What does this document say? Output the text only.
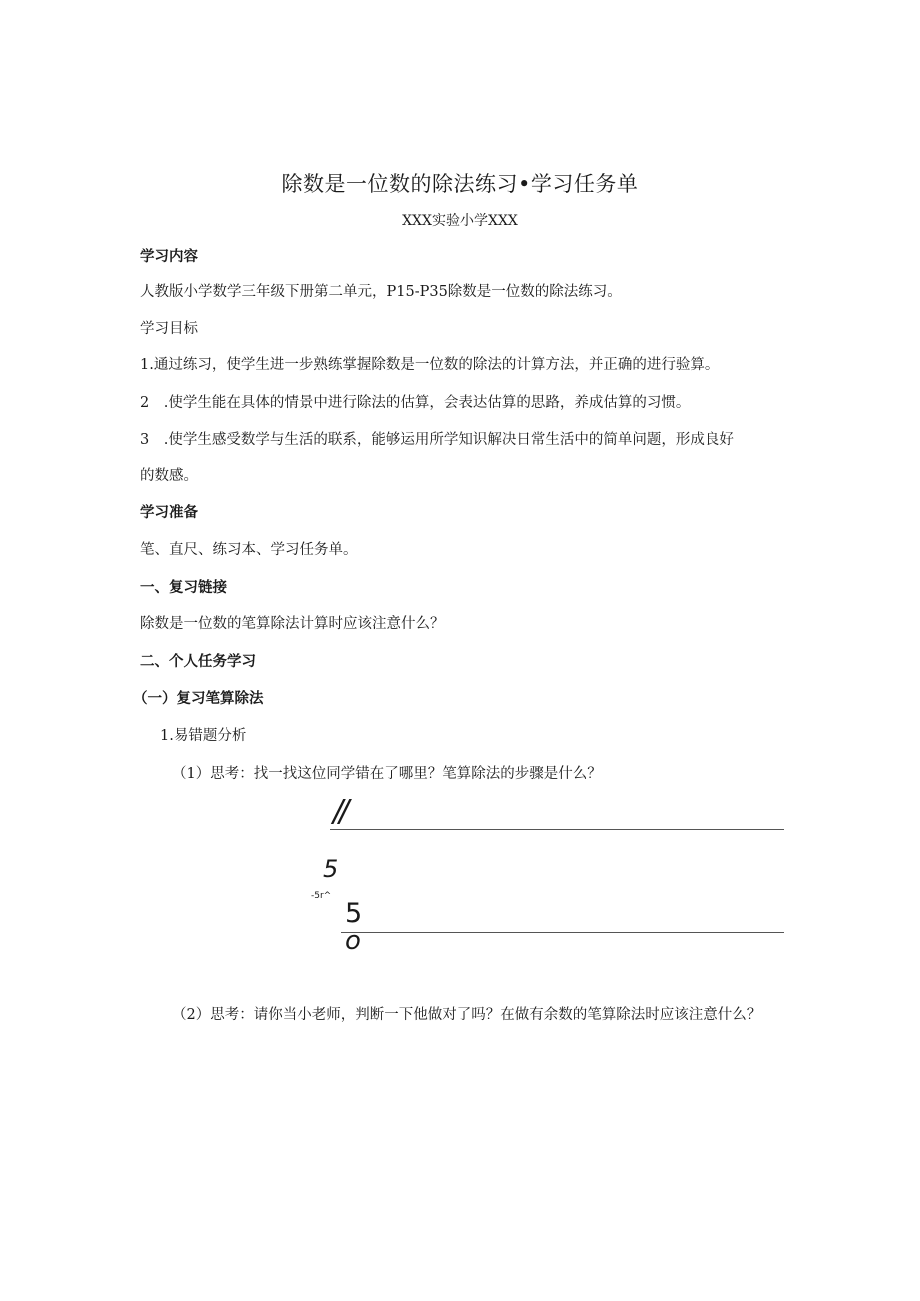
除数是一位数的除法练习•学习任务单
XXX实验小学XXX
学习内容
人教版小学数学三年级下册第二单元，P15-P35除数是一位数的除法练习。
学习目标
1.通过练习，使学生进一步熟练掌握除数是一位数的除法的计算方法，并正确的进行验算。
2　.使学生能在具体的情景中进行除法的估算，会表达估算的思路，养成估算的习惯。
3　.使学生感受数学与生活的联系，能够运用所学知识解决日常生活中的简单问题，形成良好
的数感。
学习准备
笔、直尺、练习本、学习任务单。
一、复习链接
除数是一位数的笔算除法计算时应该注意什么？
二、个人任务学习
（一）复习笔算除法
1.易错题分析
（1）思考：找一找这位同学错在了哪里？笔算除法的步骤是什么？
//
5
-5r^
5
o
（2）思考：请你当小老师，判断一下他做对了吗？在做有余数的笔算除法时应该注意什么？
